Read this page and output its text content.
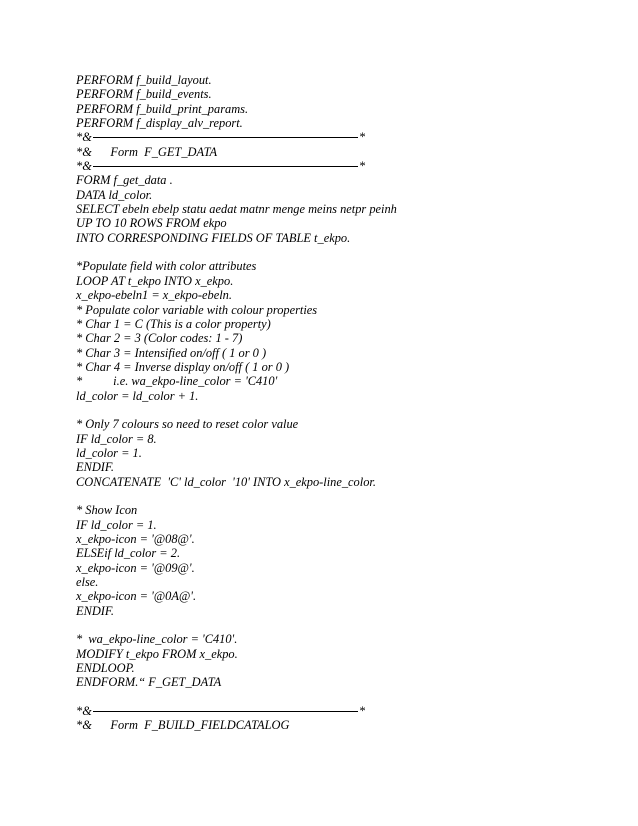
PERFORM f_build_layout.
PERFORM f_build_events.
PERFORM f_build_print_params.
PERFORM f_display_alv_report.
*&	*
*&      Form  F_GET_DATA
*&	*
FORM f_get_data .
DATA ld_color.
SELECT ebeln ebelp statu aedat matnr menge meins netpr peinh
UP TO 10 ROWS FROM ekpo
INTO CORRESPONDING FIELDS OF TABLE t_ekpo.
*Populate field with color attributes
LOOP AT t_ekpo INTO x_ekpo.
x_ekpo-ebeln1 = x_ekpo-ebeln.
* Populate color variable with colour properties
* Char 1 = C (This is a color property)
* Char 2 = 3 (Color codes: 1 - 7)
* Char 3 = Intensified on/off ( 1 or 0 )
* Char 4 = Inverse display on/off ( 1 or 0 )
*          i.e. wa_ekpo-line_color = 'C410'
ld_color = ld_color + 1.
* Only 7 colours so need to reset color value
IF ld_color = 8.
ld_color = 1.
ENDIF.
CONCATENATE  'C' ld_color  '10' INTO x_ekpo-line_color.
* Show Icon
IF ld_color = 1.
x_ekpo-icon = '@08@'.
ELSEif ld_color = 2.
x_ekpo-icon = '@09@'.
else.
x_ekpo-icon = '@0A@'.
ENDIF.
*  wa_ekpo-line_color = 'C410'.
MODIFY t_ekpo FROM x_ekpo.
ENDLOOP.
ENDFORM.“ F_GET_DATA
*&	*
*&      Form  F_BUILD_FIELDCATALOG
